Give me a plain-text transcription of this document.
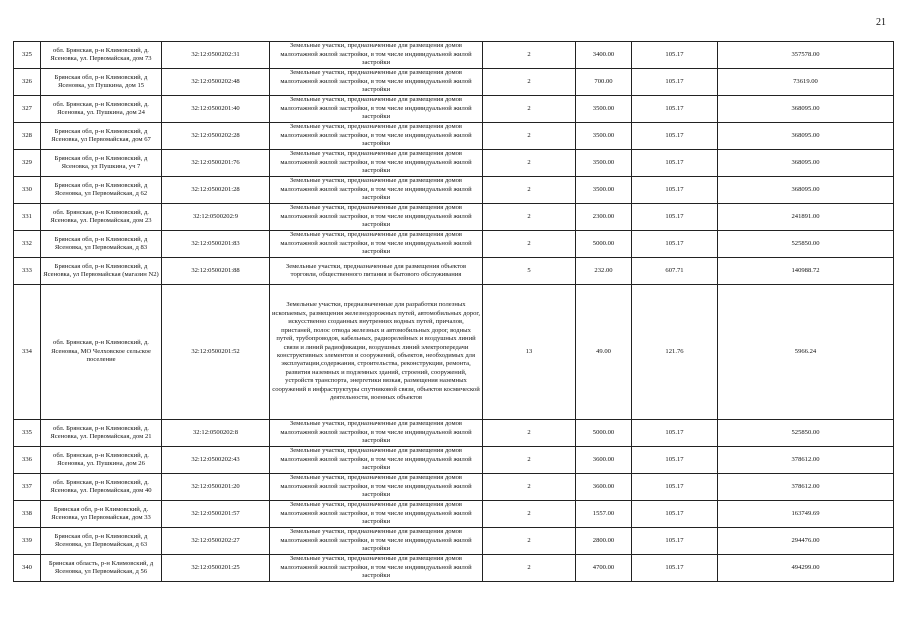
21
325	обл. Брянская, р-н Климовский, д. Ясеновка, ул. Первомайская, дом 73	32:12:0500202:31	Земельные участки, предназначенные для размещения домов малоэтажной жилой застройки, в том числе индивидуальной жилой застройки	2	3400.00	105.17	357578.00
326	Брянская обл, р-н Климовский, д Ясеновка, ул Пушкина, дом 15	32:12:0500202:48	Земельные участки, предназначенные для размещения домов малоэтажной жилой застройки, в том числе индивидуальной жилой застройки	2	700.00	105.17	73619.00
327	обл. Брянская, р-н Климовский, д. Ясеновка, ул. Пушкина, дом 24	32:12:0500201:40	Земельные участки, предназначенные для размещения домов малоэтажной жилой застройки, в том числе индивидуальной жилой застройки	2	3500.00	105.17	368095.00
328	Брянская обл, р-н Климовский, д Ясеновка, ул Первомайская, дом 67	32:12:0500202:28	Земельные участки, предназначенные для размещения домов малоэтажной жилой застройки, в том числе индивидуальной жилой застройки	2	3500.00	105.17	368095.00
329	Брянская обл, р-н Климовский, д Ясеновка, ул Пушкина, уч 7	32:12:0500201:76	Земельные участки, предназначенные для размещения домов малоэтажной жилой застройки, в том числе индивидуальной жилой застройки	2	3500.00	105.17	368095.00
330	Брянская обл, р-н Климовский, д Ясеновка, ул Первомайская, д 62	32:12:0500201:28	Земельные участки, предназначенные для размещения домов малоэтажной жилой застройки, в том числе индивидуальной жилой застройки	2	3500.00	105.17	368095.00
331	обл. Брянская, р-н Климовский, д. Ясеновка, ул. Первомайская, дом 23	32:12:0500202:9	Земельные участки, предназначенные для размещения домов малоэтажной жилой застройки, в том числе индивидуальной жилой застройки	2	2300.00	105.17	241891.00
332	Брянская обл, р-н Климовский, д Ясеновка, ул Первомайская, д 83	32:12:0500201:83	Земельные участки, предназначенные для размещения домов малоэтажной жилой застройки, в том числе индивидуальной жилой застройки	2	5000.00	105.17	525850.00
333	Брянская обл, р-н Климовский, д Ясеновка, ул Первомайская (магазин N2)	32:12:0500201:88	Земельные участки, предназначенные для размещения объектов торговли, общественного питания и бытового обслуживания	5	232.00	607.71	140988.72
334	обл. Брянская, р-н Климовский, д. Ясеновка, МО Челховское сельское поселение	32:12:0500201:52	Земельные участки, предназначенные для разработки полезных ископаемых, размещения железнодорожных путей, автомобильных дорог, искусственно созданных внутренних водных путей, причалов, пристаней, полос отвода железных и автомобильных дорог, водных путей, трубопроводов, кабельных, радиорелейных и воздушных линий связи и линий радиофикации, воздушных линий электропередачи конструктивных элементов и сооружений, объектов, необходимых для эксплуатации,содержания, строительства, реконструкции, ремонта, развития наземных и подземных зданий, строений, сооружений, устройств транспорта, энергетики вязкая, размещения наземных сооружений в инфраструктуры спутниковой связи, объектов космической деятельности, военных объектов	13	49.00	121.76	5966.24
335	обл. Брянская, р-н Климовский, д. Ясеновка, ул. Первомайская, дом 21	32:12:0500202:8	Земельные участки, предназначенные для размещения домов малоэтажной жилой застройки, в том числе индивидуальной жилой застройки	2	5000.00	105.17	525850.00
336	обл. Брянская, р-н Климовский, д. Ясеновка, ул. Пушкина, дом 26	32:12:0500202:43	Земельные участки, предназначенные для размещения домов малоэтажной жилой застройки, в том числе индивидуальной жилой застройки	2	3600.00	105.17	378612.00
337	обл. Брянская, р-н Климовский, д. Ясеновка, ул. Первомайская, дом 40	32:12:0500201:20	Земельные участки, предназначенные для размещения домов малоэтажной жилой застройки, в том числе индивидуальной жилой застройки	2	3600.00	105.17	378612.00
338	Брянская обл, р-н Климовский, д. Ясеновка, ул Первомайская, дом 33	32:12:0500201:57	Земельные участки, предназначенные для размещения домов малоэтажной жилой застройки, в том числе индивидуальной жилой застройки	2	1557.00	105.17	163749.69
339	Брянская обл, р-н Климовский, д Ясеновка, ул Первомайская, д 63	32:12:0500202:27	Земельные участки, предназначенные для размещения домов малоэтажной жилой застройки, в том числе индивидуальной жилой застройки	2	2800.00	105.17	294476.00
340	Брянская область, р-н Климовский, д Ясеновка, ул Первомайская, д 56	32:12:0500201:25	Земельные участки, предназначенные для размещения домов малоэтажной жилой застройки, в том числе индивидуальной жилой застройки	2	4700.00	105.17	494299.00
